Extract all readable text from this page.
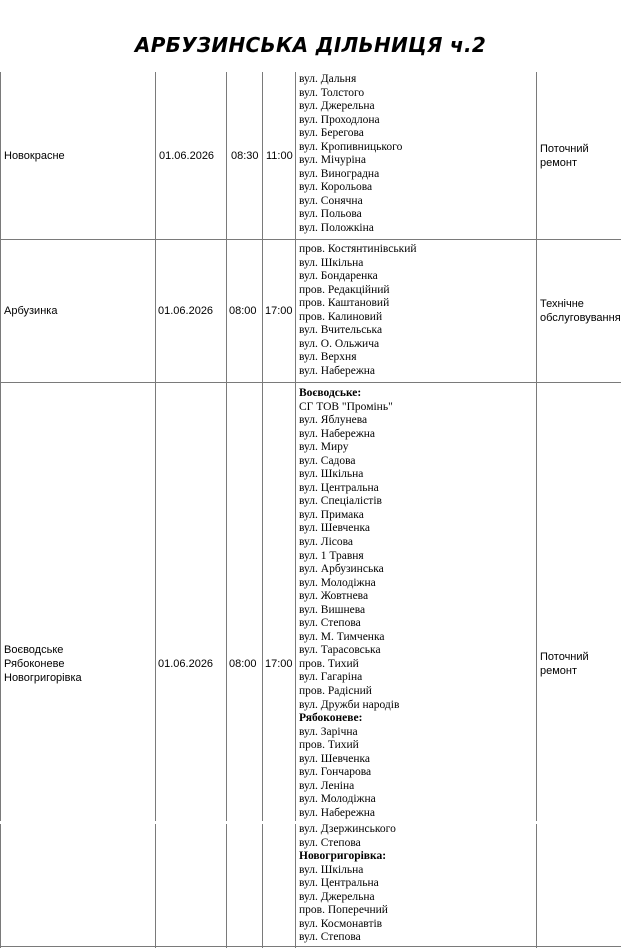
АРБУЗИНСЬКА ДІЛЬНИЦЯ ч.2
Новокрасне	01.06.2026 08:30 11:00
вул. Дальня
вул. Толстого
вул. Джерельна
вул. Проходлона
вул. Берегова
вул. Кропивницького
вул. Мічуріна
вул. Виноградна
вул. Корольова
вул. Сонячна
вул. Польова
вул. Положкіна
Поточний ремонт
Арбузинка	01.06.2026 08:00 17:00
пров. Костянтинівський
вул. Шкільна
вул. Бондаренка
пров. Редакційний
пров. Каштановий
пров. Калиновий
вул. Вчительська
вул. О. Ольжича
вул. Верхня
вул. Набережна
Технічне обслуговування
Воєводське Рябоконеве Новогригорівка
01.06.2026 08:00 17:00
Воєводське:
СГ ТОВ "Промінь"
вул. Яблунева
вул. Набережна
вул. Миру
вул. Садова
вул. Шкільна
вул. Центральна
вул. Спеціалістів
вул. Примака
вул. Шевченка
вул. Лісова
вул. 1 Травня
вул. Арбузинська
вул. Молодіжна
вул. Жовтнева
вул. Вишнева
вул. Степова
вул. М. Тимченка
вул. Тарасовська
пров. Тихий
вул. Гагаріна
пров. Радісний
вул. Дружби народів
Рябоконеве:
вул. Зарічна
пров. Тихий
вул. Шевченка
вул. Гончарова
вул. Леніна
вул. Молодіжна
вул. Набережна
вул. Дзержинського
вул. Степова
Новогригорівка:
вул. Шкільна
вул. Центральна
вул. Джерельна
пров. Поперечний
вул. Космонавтів
вул. Степова
Поточний ремонт
